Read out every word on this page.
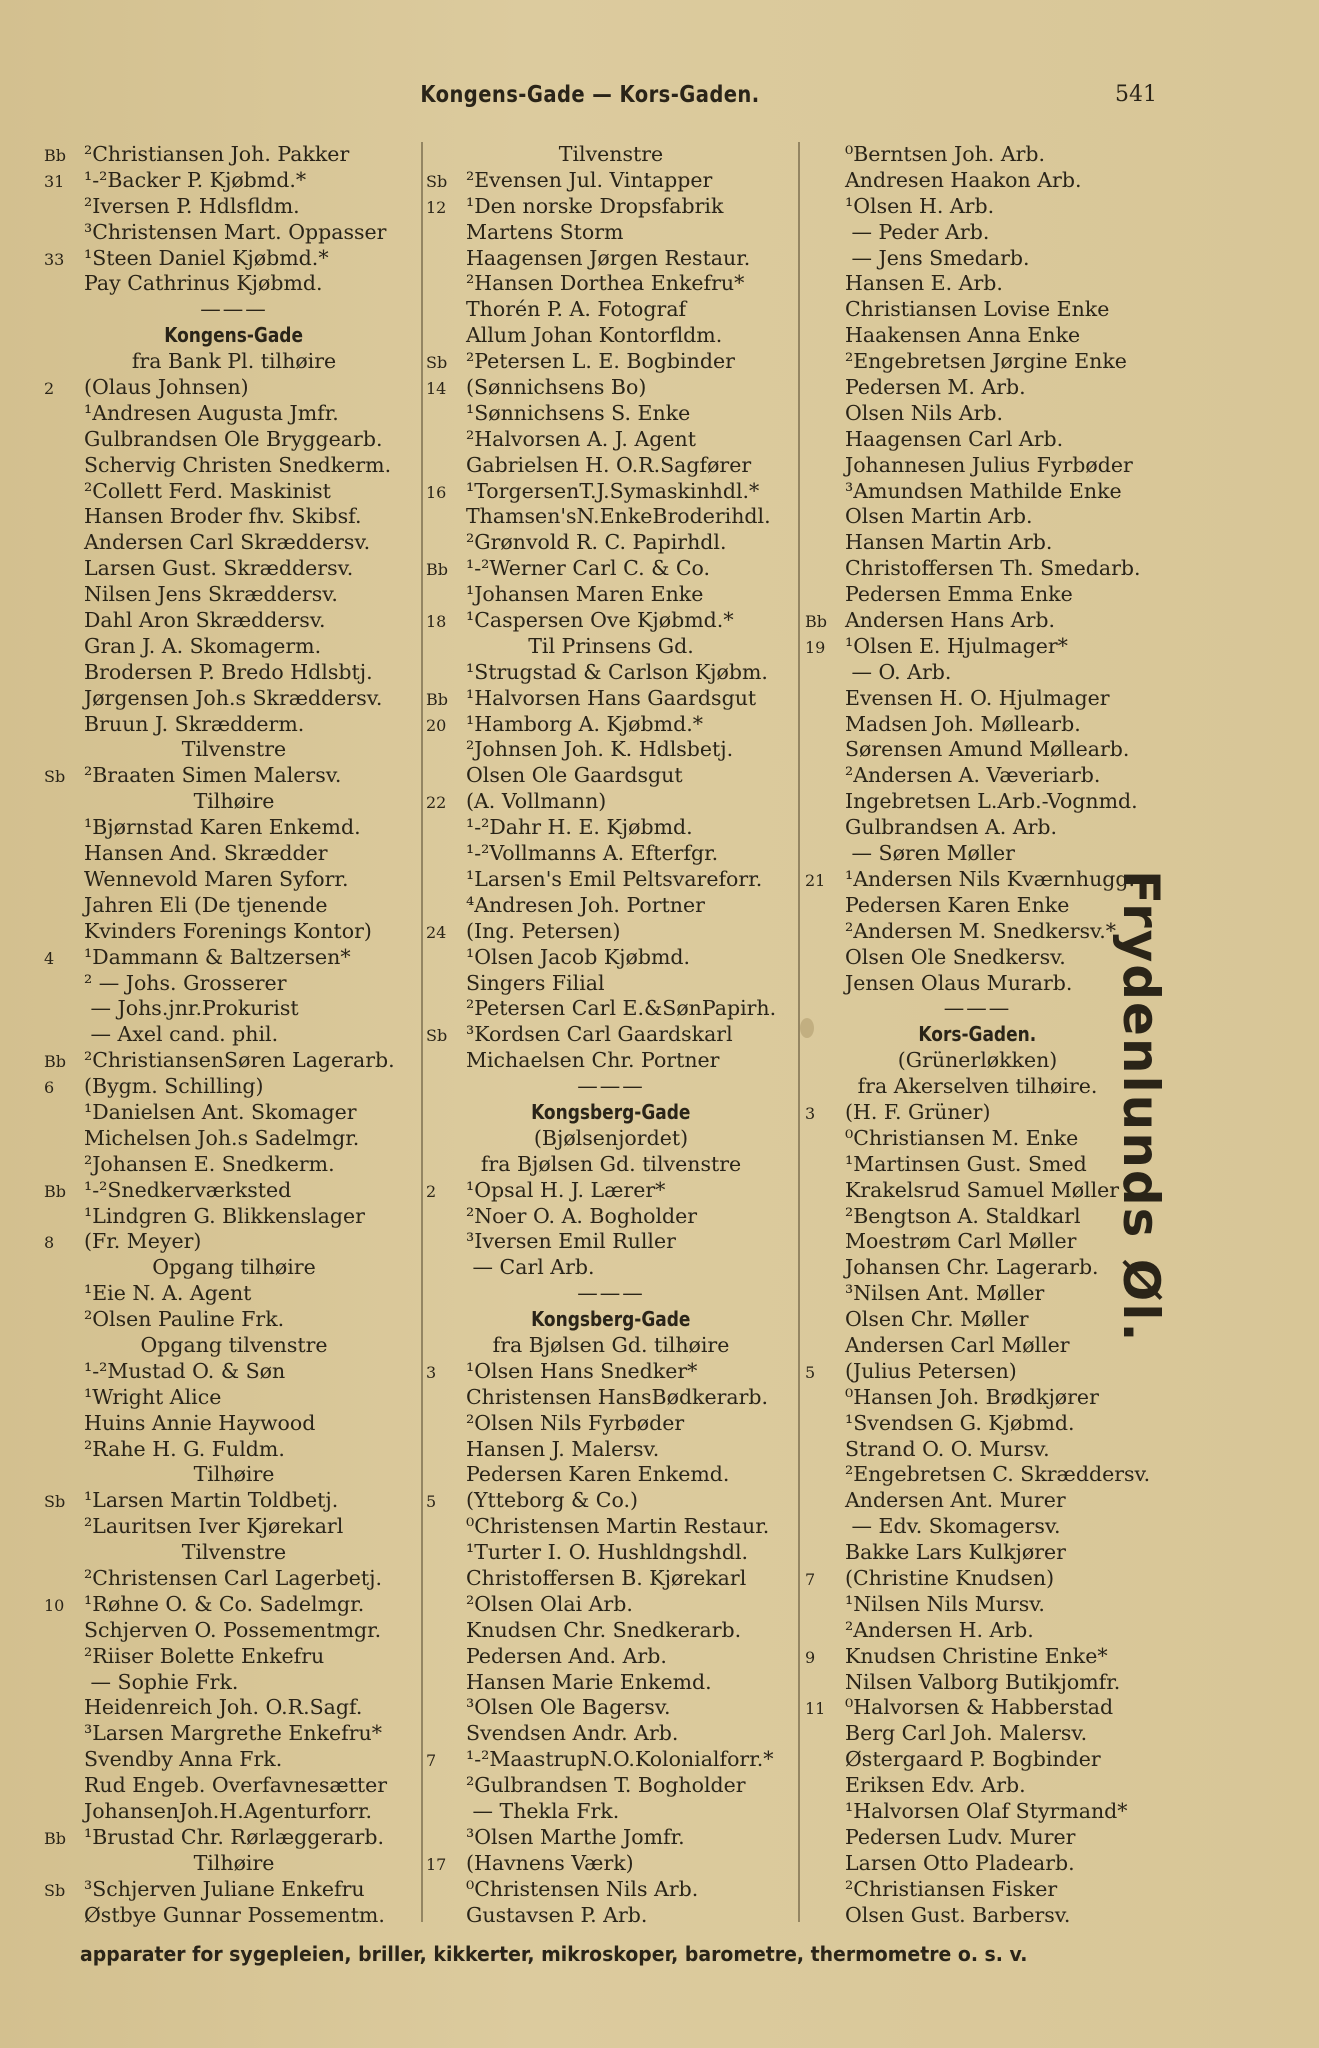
Kongens-Gade — Kors-Gaden.	541
Bb ²Christiansen Joh. Pakker
31 ¹-²Backer P. Kjøbmd.*
²Iversen P. Hdlsfldm.
³Christensen Mart. Oppasser
33 ¹Steen Daniel Kjøbmd.*
Pay Cathrinus Kjøbmd.
———
Kongens-Gade
fra Bank Pl. tilhøire
2 (Olaus Johnsen)
¹Andresen Augusta Jmfr.
Gulbrandsen Ole Bryggearb.
Schervig Christen Snedkerm.
²Collett Ferd. Maskinist
Hansen Broder fhv. Skibsf.
Andersen Carl Skræddersv.
Larsen Gust. Skræddersv.
Nilsen Jens Skræddersv.
Dahl Aron Skræddersv.
Gran J. A. Skomagerm.
Brodersen P. Bredo Hdlsbtj.
Jørgensen Joh.s Skræddersv.
Bruun J. Skrædderm.
Tilvenstre
Sb ²Braaten Simen Malersv.
Tilhøire
¹Bjørnstad Karen Enkemd.
Hansen And. Skrædder
Wennevold Maren Syforr.
Jahren Eli (De tjenende
Kvinders Forenings Kontor)
4 ¹Dammann & Baltzersen*
² — Johs. Grosserer
— Johs.jnr.Prokurist
— Axel cand. phil.
Bb ²ChristiansenSøren Lagerarb.
6 (Bygm. Schilling)
¹Danielsen Ant. Skomager
Michelsen Joh.s Sadelmgr.
²Johansen E. Snedkerm.
Bb ¹-²Snedkerværksted
¹Lindgren G. Blikkenslager
8 (Fr. Meyer)
Opgang tilhøire
¹Eie N. A. Agent
²Olsen Pauline Frk.
Opgang tilvenstre
¹-²Mustad O. & Søn
¹Wright Alice
Huins Annie Haywood
²Rahe H. G. Fuldm.
Tilhøire
Sb ¹Larsen Martin Toldbetj.
²Lauritsen Iver Kjørekarl
Tilvenstre
²Christensen Carl Lagerbetj.
10 ¹Røhne O. & Co. Sadelmgr.
Schjerven O. Possementmgr.
²Riiser Bolette Enkefru
— Sophie Frk.
Heidenreich Joh. O.R.Sagf.
³Larsen Margrethe Enkefru*
Svendby Anna Frk.
Rud Engeb. Overfavnesætter
JohansenJoh.H.Agenturforr.
Bb ¹Brustad Chr. Rørlæggerarb.
Tilhøire
Sb ³Schjerven Juliane Enkefru
Østbye Gunnar Possementm.
Tilvenstre
Sb ²Evensen Jul. Vintapper
12 ¹Den norske Dropsfabrik
Martens Storm
Haagensen Jørgen Restaur.
²Hansen Dorthea Enkefru*
Thorén P. A. Fotograf
Allum Johan Kontorfldm.
Sb ²Petersen L. E. Bogbinder
14 (Sønnichsens Bo)
¹Sønnichsens S. Enke
²Halvorsen A. J. Agent
Gabrielsen H. O.R.Sagfører
16 ¹TorgersenT.J.Symaskinhdl.*
Thamsen'sN.EnkeBroderihdl.
²Grønvold R. C. Papirhdl.
Bb ¹-²Werner Carl C. & Co.
¹Johansen Maren Enke
18 ¹Caspersen Ove Kjøbmd.*
Til Prinsens Gd.
¹Strugstad & Carlson Kjøbm.
Bb ¹Halvorsen Hans Gaardsgut
20 ¹Hamborg A. Kjøbmd.*
²Johnsen Joh. K. Hdlsbetj.
Olsen Ole Gaardsgut
22 (A. Vollmann)
¹-²Dahr H. E. Kjøbmd.
¹-²Vollmanns A. Efterfgr.
¹Larsen's Emil Peltsvareforr.
⁴Andresen Joh. Portner
24 (Ing. Petersen)
¹Olsen Jacob Kjøbmd.
Singers Filial
²Petersen Carl E.&SønPapirh.
Sb ³Kordsen Carl Gaardskarl
Michaelsen Chr. Portner
———
Kongsberg-Gade
(Bjølsenjordet)
fra Bjølsen Gd. tilvenstre
2 ¹Opsal H. J. Lærer*
²Noer O. A. Bogholder
³Iversen Emil Ruller
— Carl Arb.
———
Kongsberg-Gade
fra Bjølsen Gd. tilhøire
3 ¹Olsen Hans Snedker*
Christensen HansBødkerarb.
²Olsen Nils Fyrbøder
Hansen J. Malersv.
Pedersen Karen Enkemd.
5 (Ytteborg & Co.)
⁰Christensen Martin Restaur.
¹Turter I. O. Hushldngshdl.
Christoffersen B. Kjørekarl
²Olsen Olai Arb.
Knudsen Chr. Snedkerarb.
Pedersen And. Arb.
Hansen Marie Enkemd.
³Olsen Ole Bagersv.
Svendsen Andr. Arb.
7 ¹-²MaastrupN.O.Kolonialforr.*
²Gulbrandsen T. Bogholder
— Thekla Frk.
³Olsen Marthe Jomfr.
17 (Havnens Værk)
⁰Christensen Nils Arb.
Gustavsen P. Arb.
⁰Berntsen Joh. Arb.
Andresen Haakon Arb.
¹Olsen H. Arb.
— Peder Arb.
— Jens Smedarb.
Hansen E. Arb.
Christiansen Lovise Enke
Haakensen Anna Enke
²Engebretsen Jørgine Enke
Pedersen M. Arb.
Olsen Nils Arb.
Haagensen Carl Arb.
Johannesen Julius Fyrbøder
³Amundsen Mathilde Enke
Olsen Martin Arb.
Hansen Martin Arb.
Christoffersen Th. Smedarb.
Pedersen Emma Enke
Bb Andersen Hans Arb.
19 ¹Olsen E. Hjulmager*
— O. Arb.
Evensen H. O. Hjulmager
Madsen Joh. Møllearb.
Sørensen Amund Møllearb.
²Andersen A. Væveriarb.
Ingebretsen L.Arb.-Vognmd.
Gulbrandsen A. Arb.
— Søren Møller
21 ¹Andersen Nils Kværnhugg.
Pedersen Karen Enke
²Andersen M. Snedkersv.*
Olsen Ole Snedkersv.
Jensen Olaus Murarb.
———
Kors-Gaden.
(Grünerløkken)
fra Akerselven tilhøire.
3 (H. F. Grüner)
⁰Christiansen M. Enke
¹Martinsen Gust. Smed
Krakelsrud Samuel Møller
²Bengtson A. Staldkarl
Moestrøm Carl Møller
Johansen Chr. Lagerarb.
³Nilsen Ant. Møller
Olsen Chr. Møller
Andersen Carl Møller
5 (Julius Petersen)
⁰Hansen Joh. Brødkjører
¹Svendsen G. Kjøbmd.
Strand O. O. Mursv.
²Engebretsen C. Skræddersv.
Andersen Ant. Murer
— Edv. Skomagersv.
Bakke Lars Kulkjører
7 (Christine Knudsen)
¹Nilsen Nils Mursv.
²Andersen H. Arb.
9 Knudsen Christine Enke*
Nilsen Valborg Butikjomfr.
11 ⁰Halvorsen & Habberstad
Berg Carl Joh. Malersv.
Østergaard P. Bogbinder
Eriksen Edv. Arb.
¹Halvorsen Olaf Styrmand*
Pedersen Ludv. Murer
Larsen Otto Pladearb.
²Christiansen Fisker
Olsen Gust. Barbersv.
Frydenlunds Øl.
apparater for sygepleien, briller, kikkerter, mikroskoper, barometre, thermometre o. s. v.
